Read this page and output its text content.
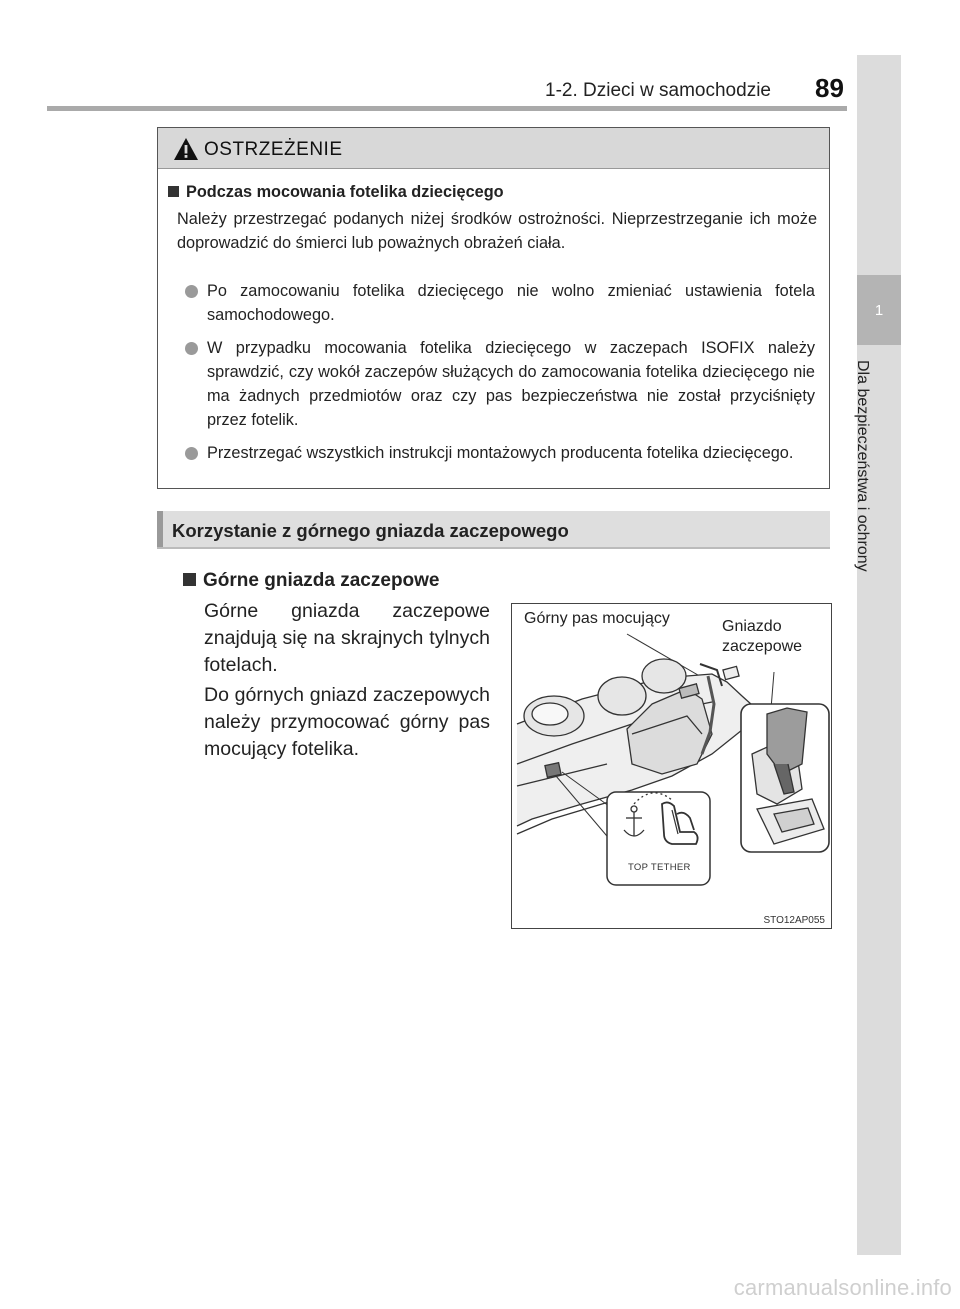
1-2. Dzieci w samochodzie 89
1
Dla bezpieczeństwa i ochrony
OSTRZEŻENIE
Podczas mocowania fotelika dziecięcego
Należy przestrzegać podanych niżej środków ostrożności. Nieprzestrzeganie ich może doprowadzić do śmierci lub poważnych obrażeń ciała.
Po zamocowaniu fotelika dziecięcego nie wolno zmieniać ustawienia fotela samochodowego.
W przypadku mocowania fotelika dziecięcego w zaczepach ISOFIX należy sprawdzić, czy wokół zaczepów służących do zamocowania fotelika dziecięcego nie ma żadnych przedmiotów oraz czy pas bezpieczeństwa nie został przyciśnięty przez fotelik.
Przestrzegać wszystkich instrukcji montażowych producenta fotelika dziecięcego.
Korzystanie z górnego gniazda zaczepowego
Górne gniazda zaczepowe
Górne gniazda zaczepowe znajdują się na skrajnych tylnych fotelach.
Do górnych gniazd zaczepowych należy przymocować górny pas mocujący fotelika.
Górny pas mocujący	Gniazdo
zaczepowe
TOP TETHER
STO12AP055
carmanualsonline.info
